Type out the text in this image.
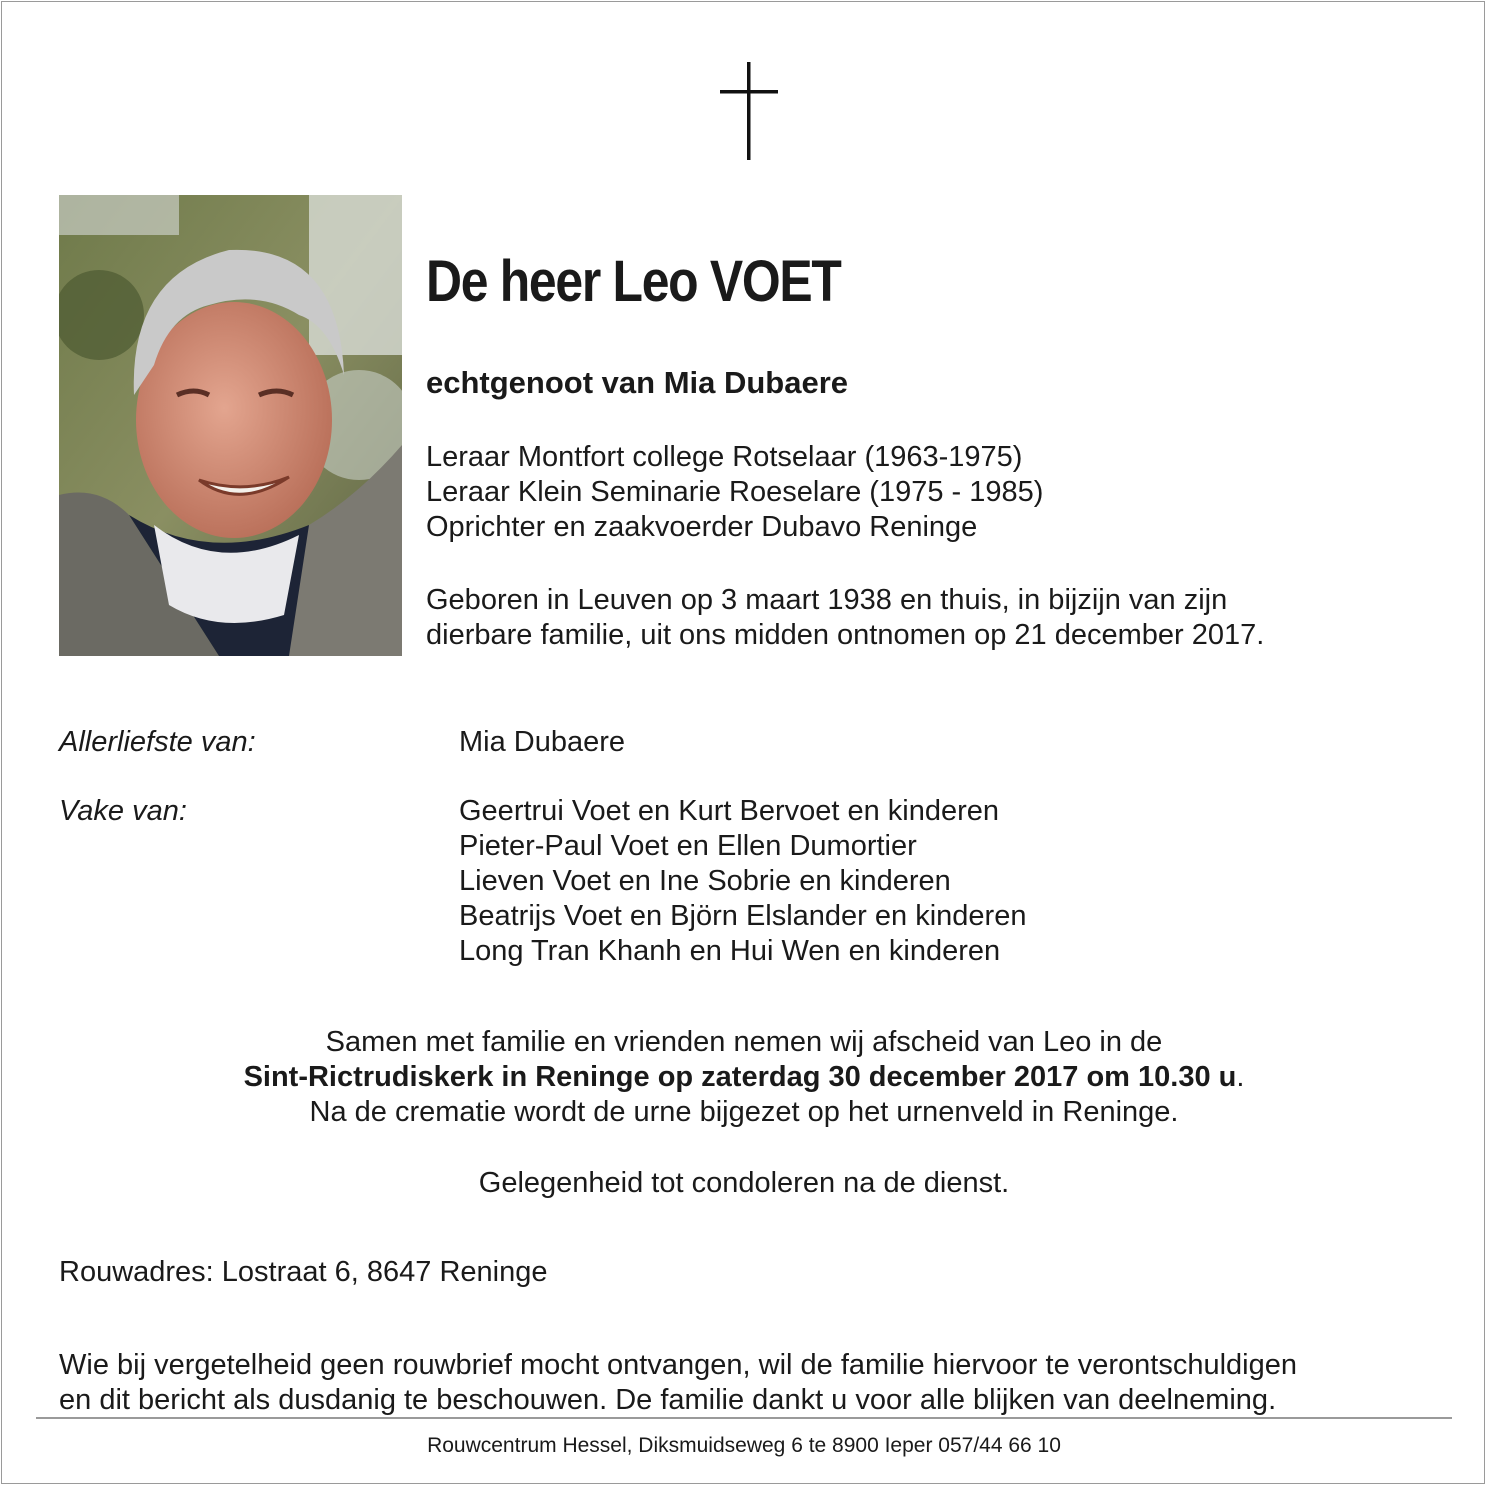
De heer Leo VOET
echtgenoot van Mia Dubaere
Leraar Montfort college Rotselaar (1963-1975)
Leraar Klein Seminarie Roeselare (1975 - 1985)
Oprichter en zaakvoerder Dubavo Reninge
Geboren in Leuven op 3 maart 1938 en thuis, in bijzijn van zijn
dierbare familie, uit ons midden ontnomen op 21 december 2017.
Allerliefste van:	Mia Dubaere
Vake van:	Geertrui Voet en Kurt Bervoet en kinderen
Pieter-Paul Voet en Ellen Dumortier
Lieven Voet en Ine Sobrie en kinderen
Beatrijs Voet en Björn Elslander en kinderen
Long Tran Khanh en Hui Wen en kinderen
Samen met familie en vrienden nemen wij afscheid van Leo in de
Sint-Rictrudiskerk in Reninge op zaterdag 30 december 2017 om 10.30 u.
Na de crematie wordt de urne bijgezet op het urnenveld in Reninge.
Gelegenheid tot condoleren na de dienst.
Rouwadres: Lostraat 6, 8647 Reninge
Wie bij vergetelheid geen rouwbrief mocht ontvangen, wil de familie hiervoor te verontschuldigen
en dit bericht als dusdanig te beschouwen. De familie dankt u voor alle blijken van deelneming.
Rouwcentrum Hessel, Diksmuidseweg 6 te 8900 Ieper 057/44 66 10
